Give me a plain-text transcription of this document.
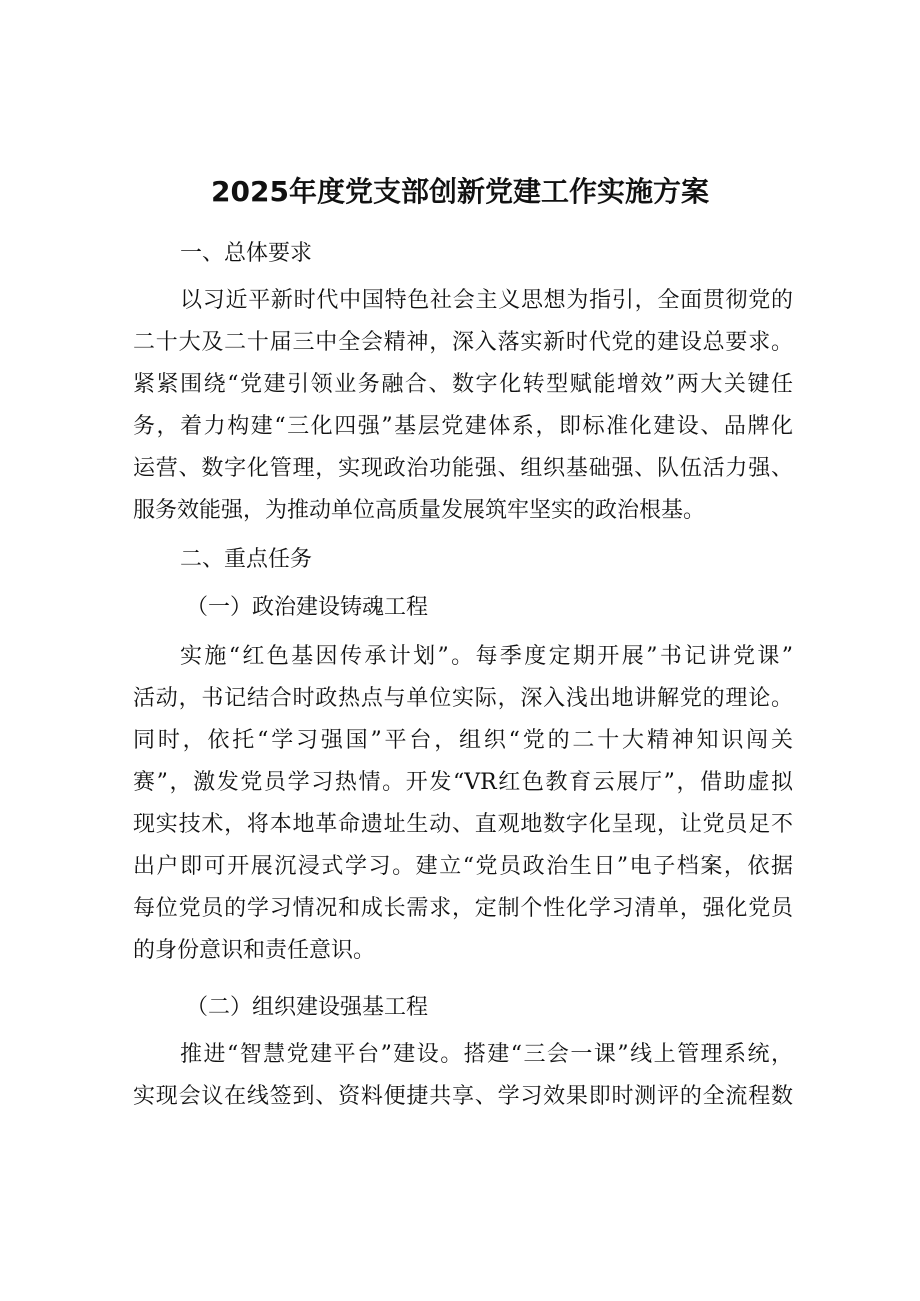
2025年度党支部创新党建工作实施方案
一、总体要求
以习近平新时代中国特色社会主义思想为指引，全面贯彻党的
二十大及二十届三中全会精神，深入落实新时代党的建设总要求。
紧紧围绕“党建引领业务融合、数字化转型赋能增效”两大关键任
务，着力构建“三化四强”基层党建体系，即标准化建设、品牌化
运营、数字化管理，实现政治功能强、组织基础强、队伍活力强、
服务效能强，为推动单位高质量发展筑牢坚实的政治根基。
二、重点任务
（一）政治建设铸魂工程
实施“红色基因传承计划”。每季度定期开展”书记讲党课”
活动，书记结合时政热点与单位实际，深入浅出地讲解党的理论。
同时，依托“学习强国”平台，组织“党的二十大精神知识闯关
赛”，激发党员学习热情。开发“VR红色教育云展厅”，借助虚拟
现实技术，将本地革命遗址生动、直观地数字化呈现，让党员足不
出户即可开展沉浸式学习。建立“党员政治生日”电子档案，依据
每位党员的学习情况和成长需求，定制个性化学习清单，强化党员
的身份意识和责任意识。
（二）组织建设强基工程
推进“智慧党建平台”建设。搭建“三会一课”线上管理系统，
实现会议在线签到、资料便捷共享、学习效果即时测评的全流程数
